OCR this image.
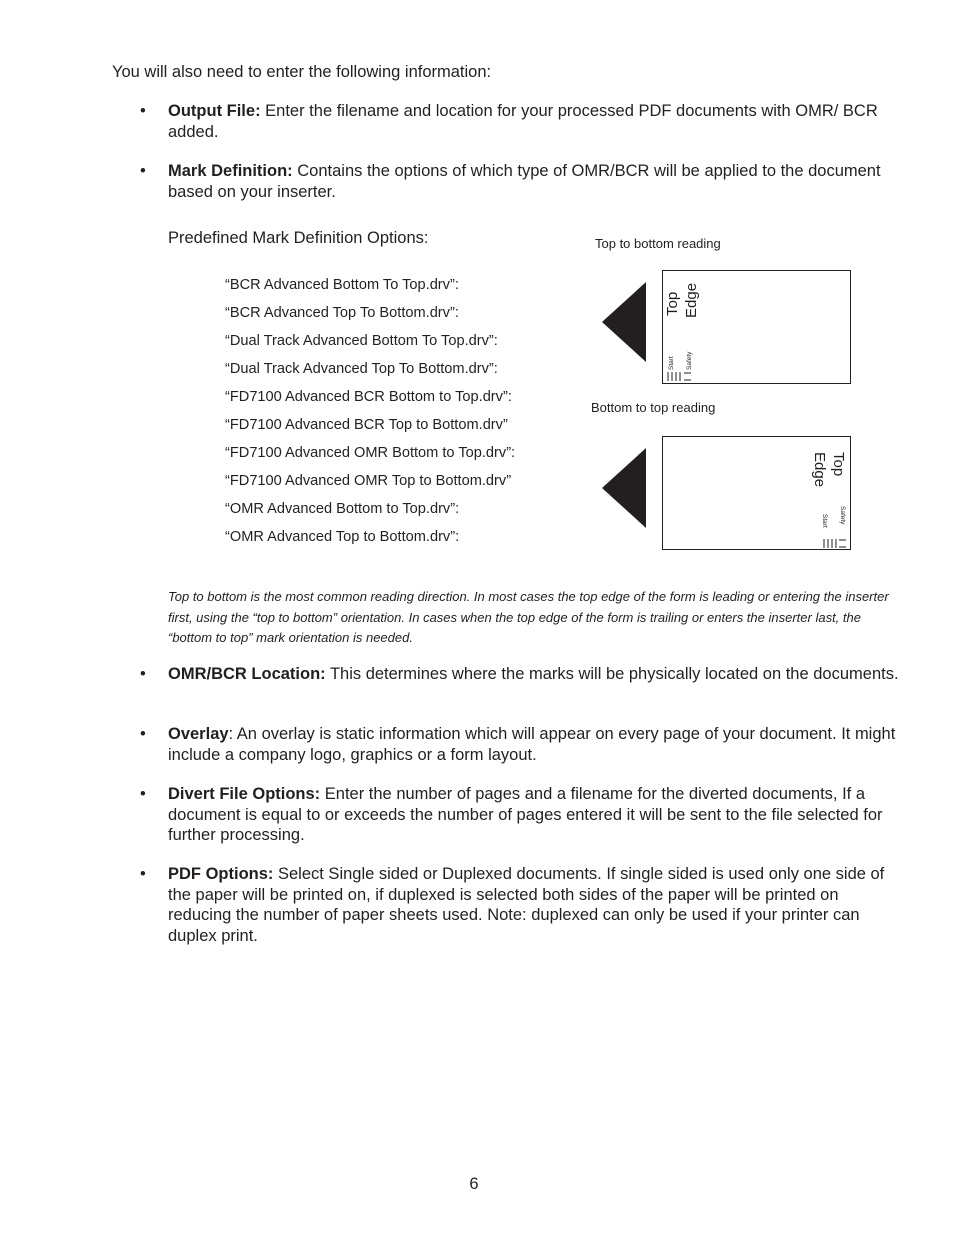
You will also need to enter the following information:
• Output File: Enter the filename and location for your processed PDF documents with OMR/ BCR added.
• Mark Definition: Contains the options of which type of OMR/BCR will be applied to the document based on your inserter.
Predefined Mark Definition Options:
“BCR Advanced Bottom To Top.drv”:
“BCR Advanced Top To Bottom.drv”:
“Dual Track Advanced Bottom To Top.drv”:
“Dual Track Advanced Top To Bottom.drv”:
“FD7100 Advanced BCR Bottom to Top.drv”:
“FD7100 Advanced BCR Top to Bottom.drv”
“FD7100 Advanced OMR Bottom to Top.drv”:
“FD7100 Advanced OMR Top to Bottom.drv”
“OMR Advanced Bottom to Top.drv”:
“OMR Advanced Top to Bottom.drv”:
Top to bottom reading
Top Edge
Start Safety
Bottom to top reading
Top
Edge
Safety
Start
Top to bottom is the most common reading direction. In most cases the top edge of the form is leading or entering the inserter first, using the “top to bottom” orientation. In cases when the top edge of the form is trailing or enters the inserter last, the “bottom to top” mark orientation is needed.
• OMR/BCR Location: This determines where the marks will be physically located on the documents.
• Overlay: An overlay is static information which will appear on every page of your document. It might include a company logo, graphics or a form layout.
• Divert File Options: Enter the number of pages and a filename for the diverted documents, If a document is equal to or exceeds the number of pages entered it will be sent to the file selected for further processing.
• PDF Options: Select Single sided or Duplexed documents. If single sided is used only one side of the paper will be printed on, if duplexed is selected both sides of the paper will be printed on reducing the number of paper sheets used. Note: duplexed can only be used if your printer can duplex print.
6
